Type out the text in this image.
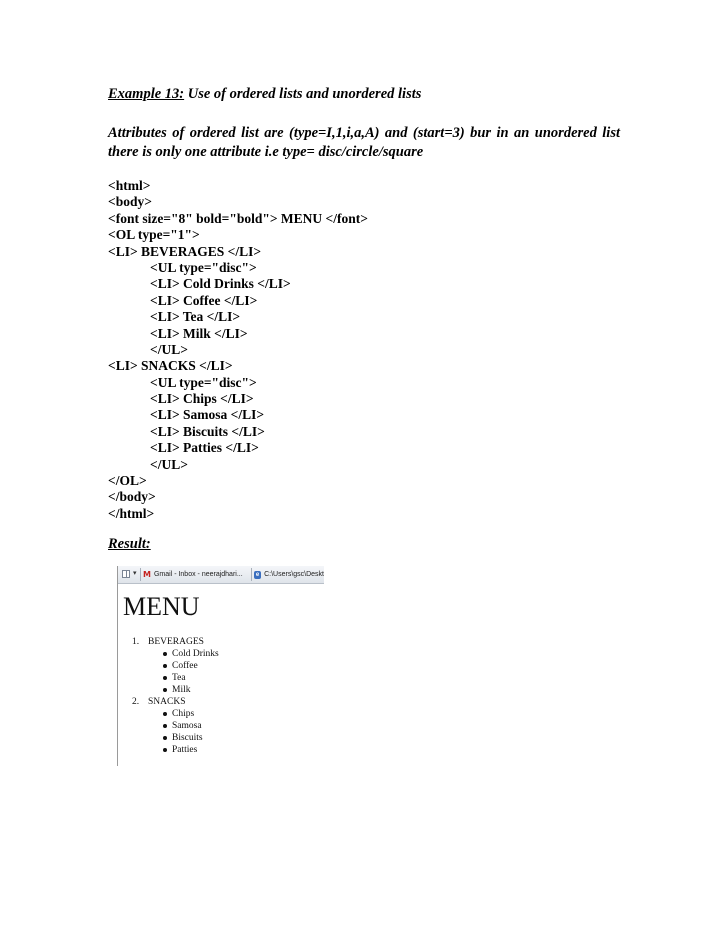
Example 13: Use of ordered lists and unordered lists
Attributes of ordered list are (type=I,1,i,a,A) and (start=3) bur in an unordered list there is only one attribute i.e type= disc/circle/square
<html>
<body>
<font size="8" bold="bold"> MENU </font>
<OL type="1">
<LI> BEVERAGES </LI>
<UL type="disc">
<LI> Cold Drinks </LI>
<LI> Coffee </LI>
<LI> Tea </LI>
<LI> Milk </LI>
</UL>
<LI> SNACKS </LI>
<UL type="disc">
<LI> Chips </LI>
<LI> Samosa </LI>
<LI> Biscuits </LI>
<LI> Patties </LI>
</UL>
</OL>
</body>
</html>
Result:
▾ M Gmail - Inbox - neerajdhari...	e C:\Users\gsc\Deskt
MENU
1. BEVERAGES
Cold Drinks
Coffee
Tea
Milk
2. SNACKS
Chips
Samosa
Biscuits
Patties
